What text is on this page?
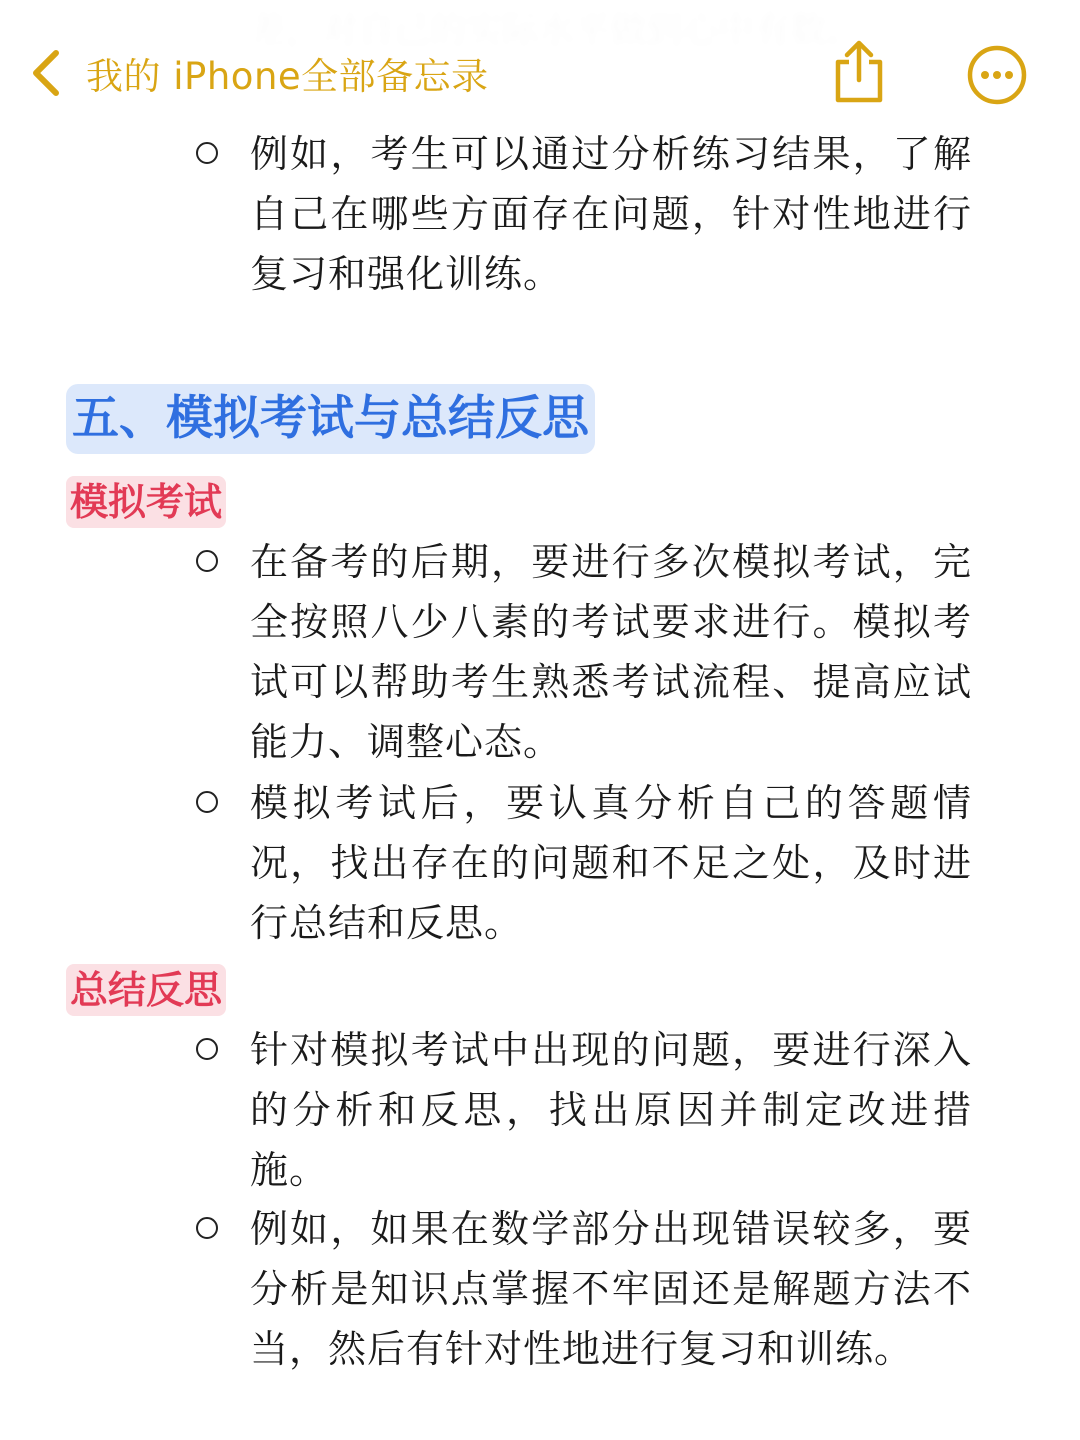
例如，考生可以通过分析练习结果，了解自己在哪些方面存在问题，针对性地进行复习和强化训练。
五、模拟考试与总结反思
模拟考试
在备考的后期，要进行多次模拟考试，完全按照八少八素的考试要求进行。模拟考试可以帮助考生熟悉考试流程、提高应试能力、调整心态。
模拟考试后，要认真分析自己的答题情况，找出存在的问题和不足之处，及时进行总结和反思。
总结反思
针对模拟考试中出现的问题，要进行深入的分析和反思，找出原因并制定改进措施。
例如，如果在数学部分出现错误较多，要分析是知识点掌握不牢固还是解题方法不当，然后有针对性地进行复习和训练。
我的 iPhone全部备忘录
